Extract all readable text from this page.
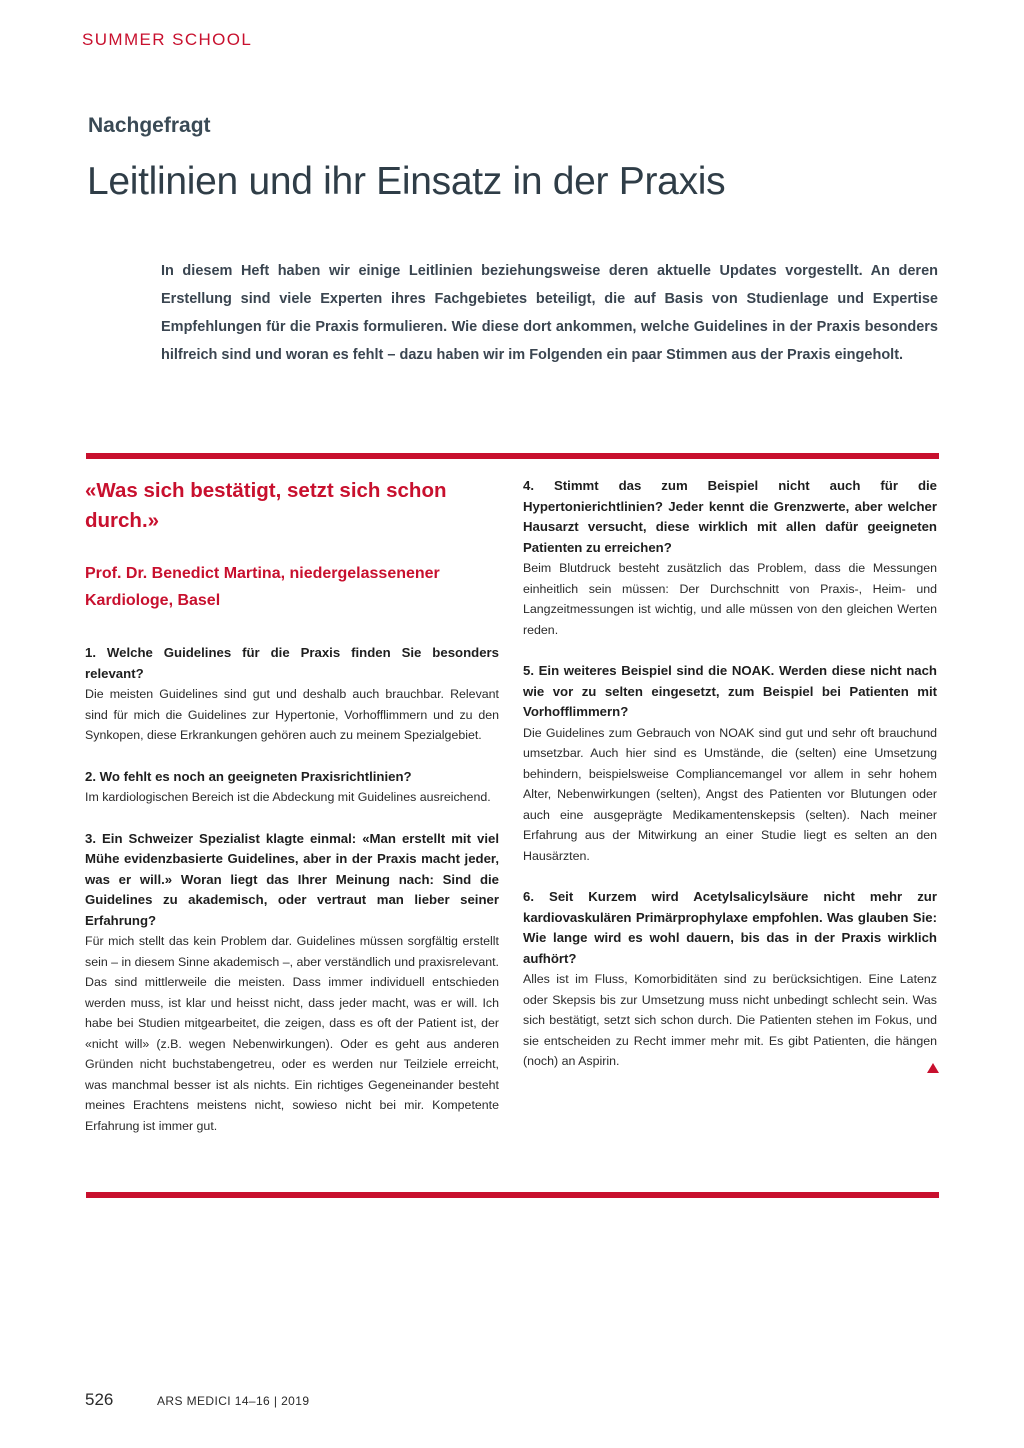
SUMMER SCHOOL
Nachgefragt
Leitlinien und ihr Einsatz in der Praxis

In diesem Heft haben wir einige Leitlinien beziehungsweise deren aktuelle Updates vorgestellt. An deren Erstellung sind viele Experten ihres Fachgebietes beteiligt, die auf Basis von Studienlage und Expertise Empfehlungen für die Praxis formulieren. Wie diese dort ankommen, welche Guidelines in der Praxis besonders hilfreich sind und woran es fehlt – dazu haben wir im Folgenden ein paar Stimmen aus der Praxis eingeholt.

«Was sich bestätigt, setzt sich schon durch.»

Prof. Dr. Benedict Martina, niedergelassenener Kardiologe, Basel

1. Welche Guidelines für die Praxis finden Sie besonders relevant?

Die meisten Guidelines sind gut und deshalb auch brauchbar. Relevant sind für mich die Guidelines zur Hypertonie, Vorhofflimmern und zu den Synkopen, diese Erkrankungen gehören auch zu meinem Spezialgebiet.

2. Wo fehlt es noch an geeigneten Praxisrichtlinien?

Im kardiologischen Bereich ist die Abdeckung mit Guidelines ausreichend.

3. Ein Schweizer Spezialist klagte einmal: «Man erstellt mit viel Mühe evidenzbasierte Guidelines, aber in der Praxis macht jeder, was er will.» Woran liegt das Ihrer Meinung nach: Sind die Guidelines zu akademisch, oder vertraut man lieber seiner Erfahrung?

Für mich stellt das kein Problem dar. Guidelines müssen sorgfältig erstellt sein – in diesem Sinne akademisch –, aber verständlich und praxisrelevant. Das sind mittlerweile die meisten. Dass immer individuell entschieden werden muss, ist klar und heisst nicht, dass jeder macht, was er will. Ich habe bei Studien mitgearbeitet, die zeigen, dass es oft der Patient ist, der «nicht will» (z.B. wegen Nebenwirkungen). Oder es geht aus anderen Gründen nicht buchstabengetreu, oder es werden nur Teilziele erreicht, was manchmal besser ist als nichts. Ein richtiges Gegeneinander besteht meines Erachtens meistens nicht, sowieso nicht bei mir. Kompetente Erfahrung ist immer gut.

4. Stimmt das zum Beispiel nicht auch für die Hypertonierichtlinien? Jeder kennt die Grenzwerte, aber welcher Hausarzt versucht, diese wirklich mit allen dafür geeigneten Patienten zu erreichen?

Beim Blutdruck besteht zusätzlich das Problem, dass die Messungen einheitlich sein müssen: Der Durchschnitt von Praxis-, Heim- und Langzeitmessungen ist wichtig, und alle müssen von den gleichen Werten reden.

5. Ein weiteres Beispiel sind die NOAK. Werden diese nicht nach wie vor zu selten eingesetzt, zum Beispiel bei Patienten mit Vorhofflimmern?

Die Guidelines zum Gebrauch von NOAK sind gut und sehr oft brauchund umsetzbar. Auch hier sind es Umstände, die (selten) eine Umsetzung behindern, beispielsweise Compliancemangel vor allem in sehr hohem Alter, Nebenwirkungen (selten), Angst des Patienten vor Blutungen oder auch eine ausgeprägte Medikamentenskepsis (selten). Nach meiner Erfahrung aus der Mitwirkung an einer Studie liegt es selten an den Hausärzten.

6. Seit Kurzem wird Acetylsalicylsäure nicht mehr zur kardiovaskulären Primärprophylaxe empfohlen. Was glauben Sie: Wie lange wird es wohl dauern, bis das in der Praxis wirklich aufhört?

Alles ist im Fluss, Komorbiditäten sind zu berücksichtigen. Eine Latenz oder Skepsis bis zur Umsetzung muss nicht unbedingt schlecht sein. Was sich bestätigt, setzt sich schon durch. Die Patienten stehen im Fokus, und sie entscheiden zu Recht immer mehr mit. Es gibt Patienten, die hängen (noch) an Aspirin.

526	ARS MEDICI 14–16 | 2019
